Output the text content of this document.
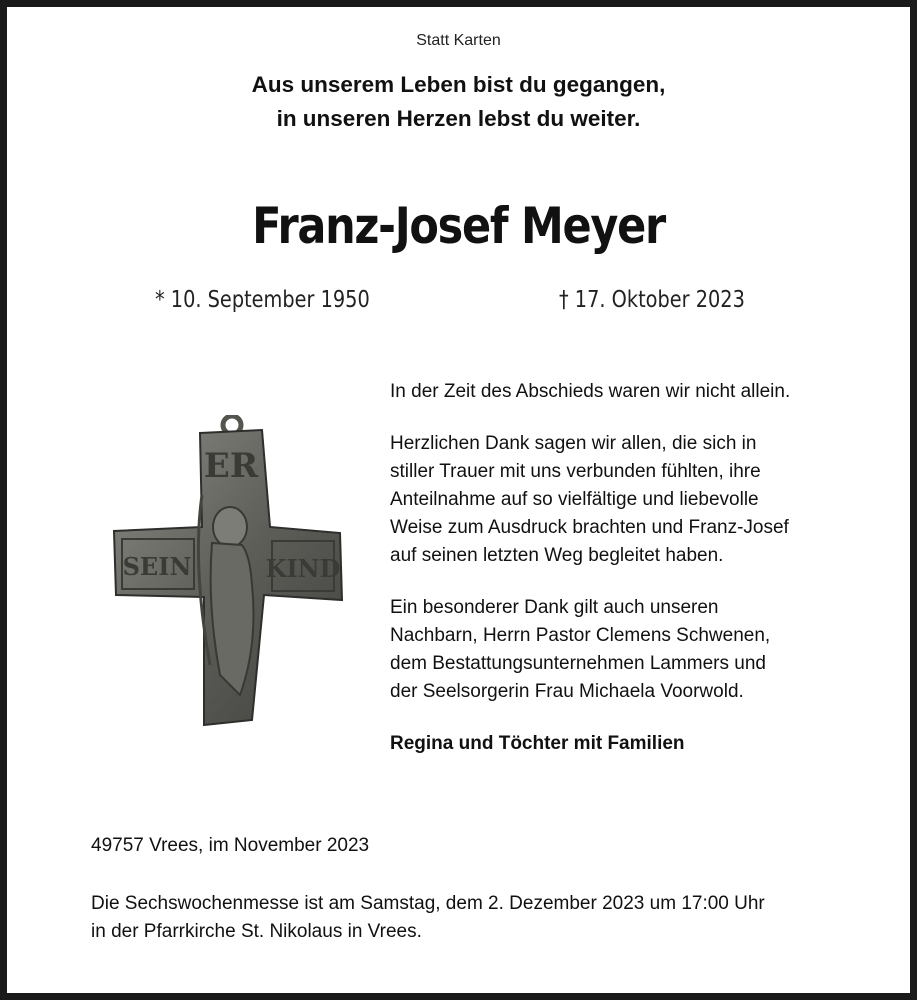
Statt Karten
Aus unserem Leben bist du gegangen,
in unseren Herzen lebst du weiter.
Franz-Josef Meyer
* 10. September 1950	† 17. Oktober 2023
ER
SEIN	KIND

In der Zeit des Abschieds waren wir nicht allein.

Herzlichen Dank sagen wir allen, die sich in
stiller Trauer mit uns verbunden fühlten, ihre
Anteilnahme auf so vielfältige und liebevolle
Weise zum Ausdruck brachten und Franz-Josef
auf seinen letzten Weg begleitet haben.

Ein besonderer Dank gilt auch unseren
Nachbarn, Herrn Pastor Clemens Schwenen,
dem Bestattungsunternehmen Lammers und
der Seelsorgerin Frau Michaela Voorwold.

Regina und Töchter mit Familien

49757 Vrees, im November 2023
Die Sechswochenmesse ist am Samstag, dem 2. Dezember 2023 um 17:00 Uhr
in der Pfarrkirche St. Nikolaus in Vrees.
